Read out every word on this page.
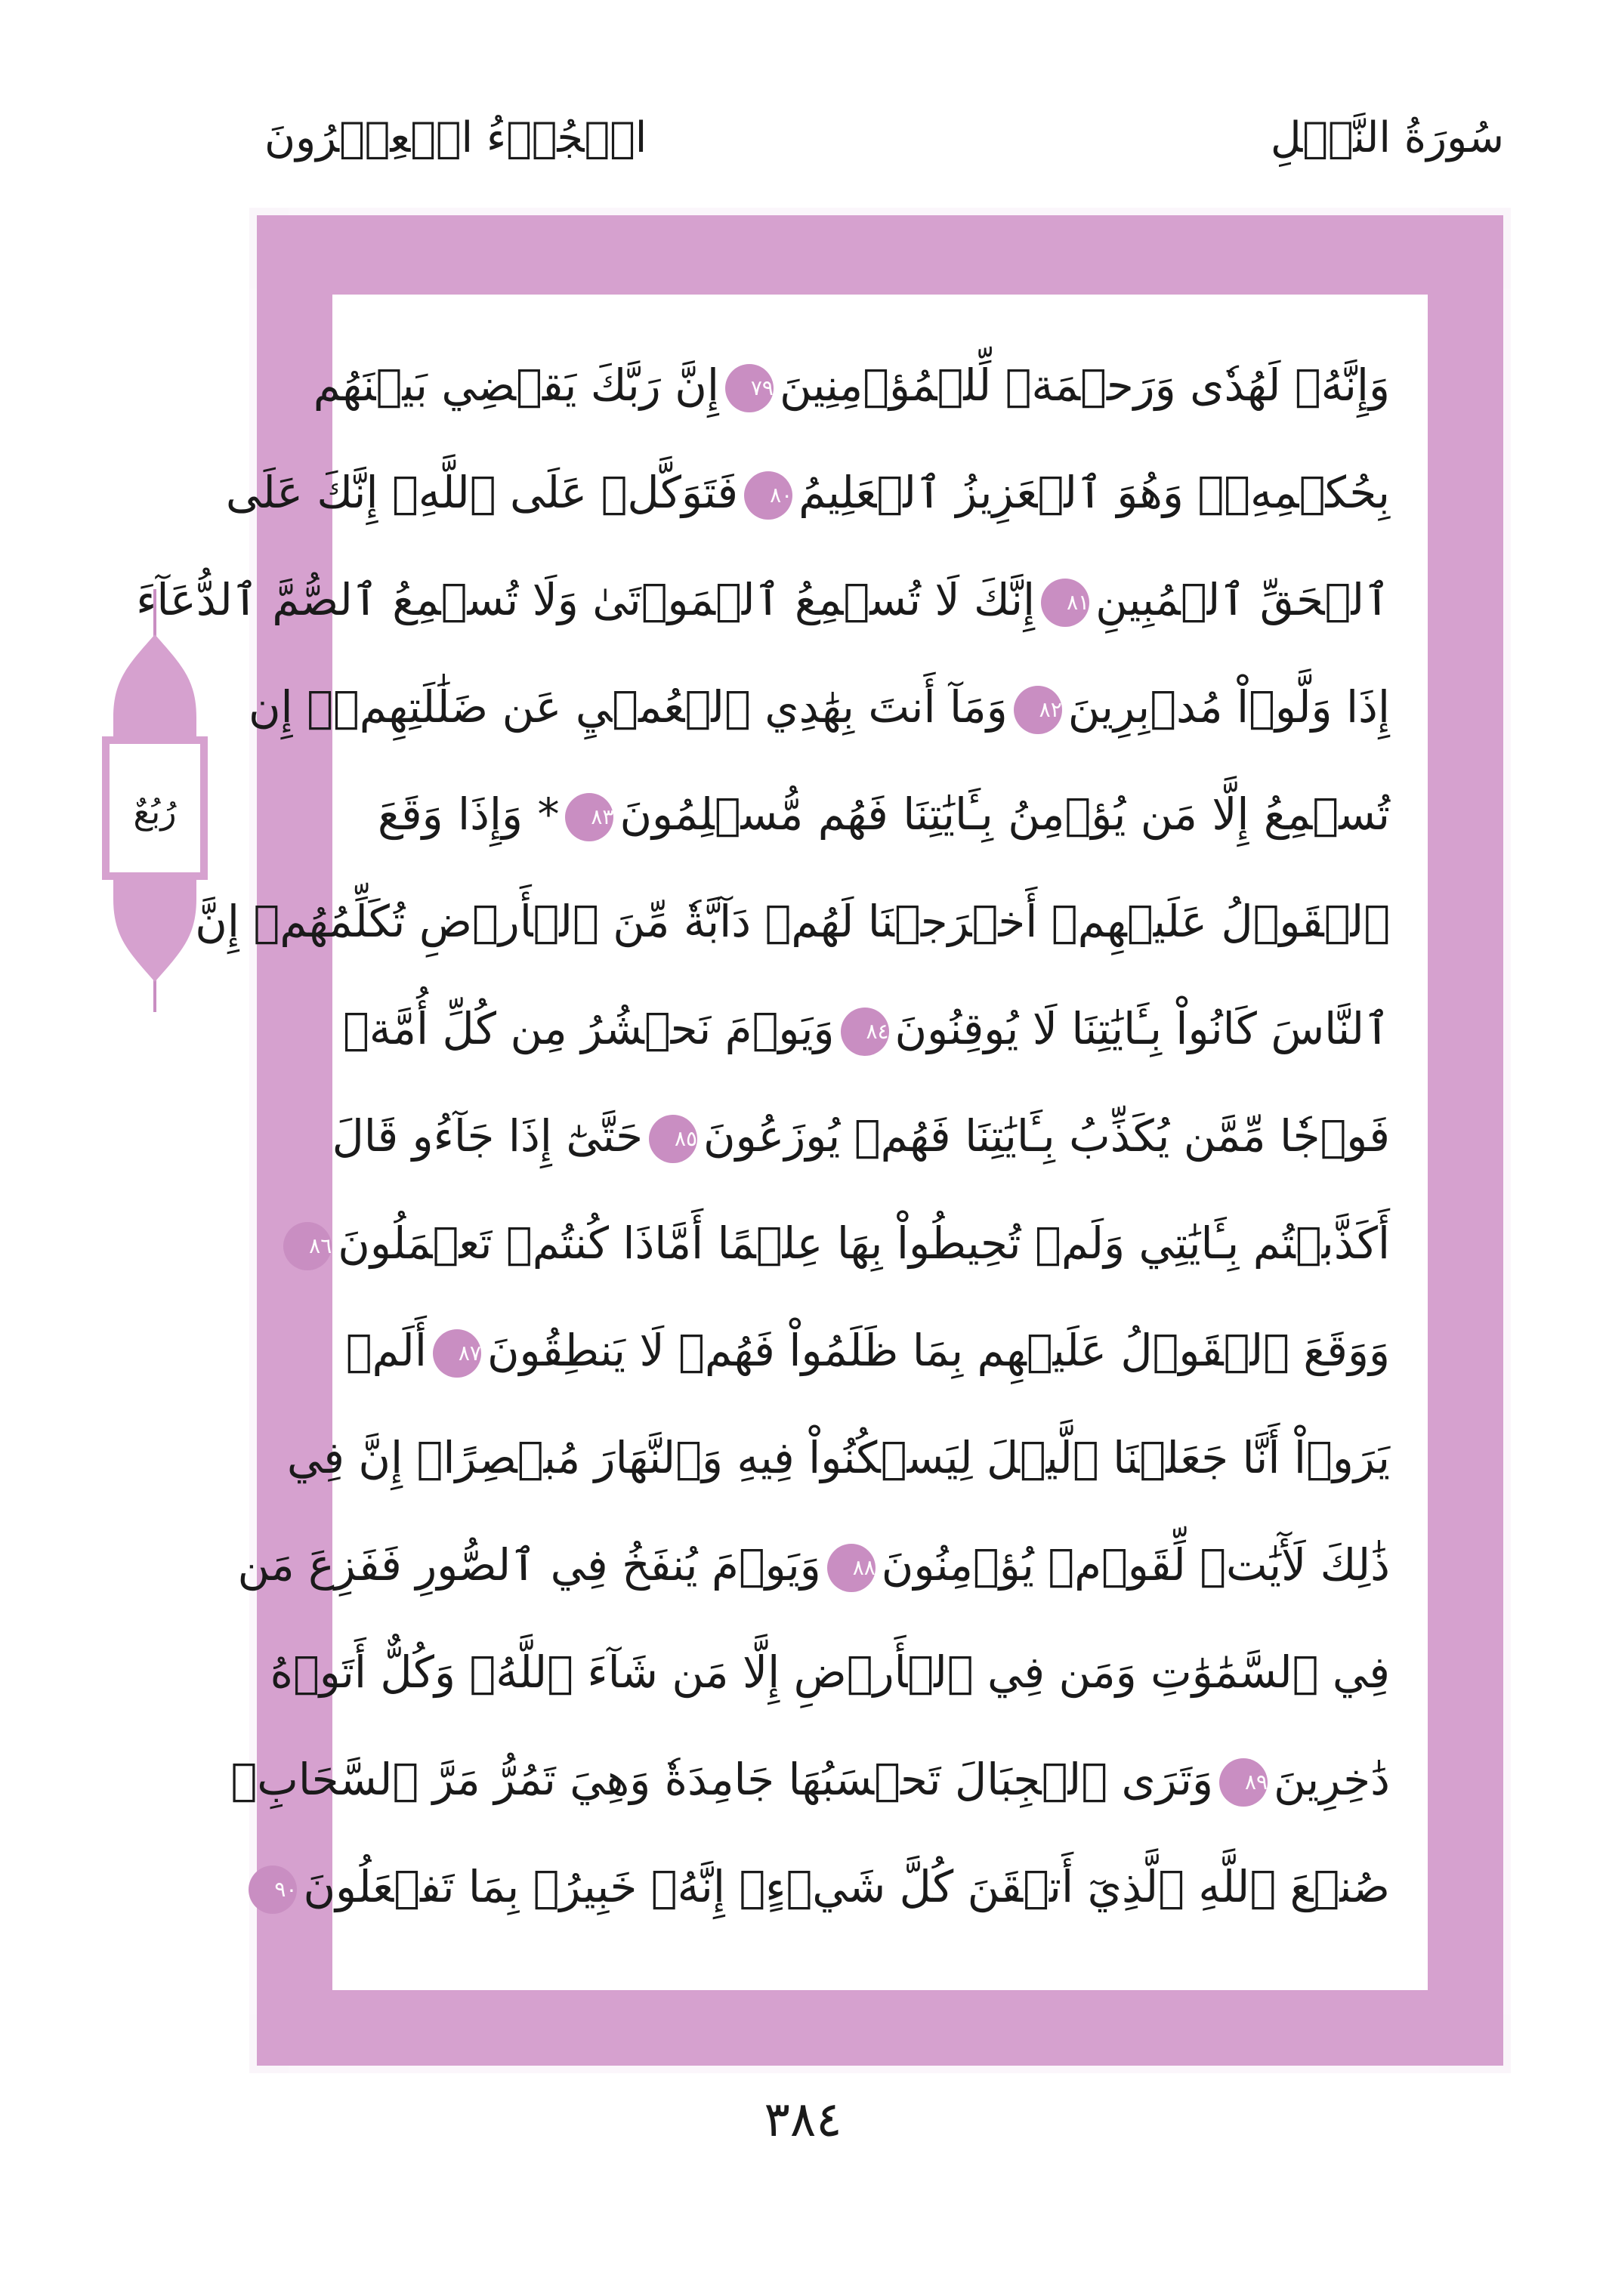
سُورَةُ النَّمۡلِ
الۡجُزۡءُ الۡعِشۡرُونَ
وَإِنَّهُۥ لَهُدٗى وَرَحۡمَةٞ لِّلۡمُؤۡمِنِينَ٧٩إِنَّ رَبَّكَ يَقۡضِي بَيۡنَهُم
بِحُكۡمِهِۦۚ وَهُوَ ٱلۡعَزِيزُ ٱلۡعَلِيمُ٨٠فَتَوَكَّلۡ عَلَى ٱللَّهِۖ إِنَّكَ عَلَى
ٱلۡحَقِّ ٱلۡمُبِينِ٨١إِنَّكَ لَا تُسۡمِعُ ٱلۡمَوۡتَىٰ وَلَا تُسۡمِعُ ٱلصُّمَّ ٱلدُّعَآءَ
إِذَا وَلَّوۡاْ مُدۡبِرِينَ٨٢وَمَآ أَنتَ بِهَٰدِي ٱلۡعُمۡيِ عَن ضَلَٰلَتِهِمۡۖ إِن
تُسۡمِعُ إِلَّا مَن يُؤۡمِنُ بِـَٔايَٰتِنَا فَهُم مُّسۡلِمُونَ٨٣* وَإِذَا وَقَعَ
ٱلۡقَوۡلُ عَلَيۡهِمۡ أَخۡرَجۡنَا لَهُمۡ دَآبَّةٗ مِّنَ ٱلۡأَرۡضِ تُكَلِّمُهُمۡ إِنَّ
ٱلنَّاسَ كَانُواْ بِـَٔايَٰتِنَا لَا يُوقِنُونَ٨٤وَيَوۡمَ نَحۡشُرُ مِن كُلِّ أُمَّةٖ
فَوۡجٗا مِّمَّن يُكَذِّبُ بِـَٔايَٰتِنَا فَهُمۡ يُوزَعُونَ٨٥حَتَّىٰٓ إِذَا جَآءُو قَالَ
أَكَذَّبۡتُم بِـَٔايَٰتِي وَلَمۡ تُحِيطُواْ بِهَا عِلۡمًا أَمَّاذَا كُنتُمۡ تَعۡمَلُونَ٨٦
وَوَقَعَ ٱلۡقَوۡلُ عَلَيۡهِم بِمَا ظَلَمُواْ فَهُمۡ لَا يَنطِقُونَ٨٧أَلَمۡ
يَرَوۡاْ أَنَّا جَعَلۡنَا ٱلَّيۡلَ لِيَسۡكُنُواْ فِيهِ وَٱلنَّهَارَ مُبۡصِرًاۚ إِنَّ فِي
ذَٰلِكَ لَأٓيَٰتٖ لِّقَوۡمٖ يُؤۡمِنُونَ٨٨وَيَوۡمَ يُنفَخُ فِي ٱلصُّورِ فَفَزِعَ مَن
فِي ٱلسَّمَٰوَٰتِ وَمَن فِي ٱلۡأَرۡضِ إِلَّا مَن شَآءَ ٱللَّهُۚ وَكُلٌّ أَتَوۡهُ
دَٰخِرِينَ٨٩وَتَرَى ٱلۡجِبَالَ تَحۡسَبُهَا جَامِدَةٗ وَهِيَ تَمُرُّ مَرَّ ٱلسَّحَابِۚ
صُنۡعَ ٱللَّهِ ٱلَّذِيٓ أَتۡقَنَ كُلَّ شَيۡءٍۚ إِنَّهُۥ خَبِيرُۢ بِمَا تَفۡعَلُونَ٩٠
رُبُعٌ
٣٨٤
